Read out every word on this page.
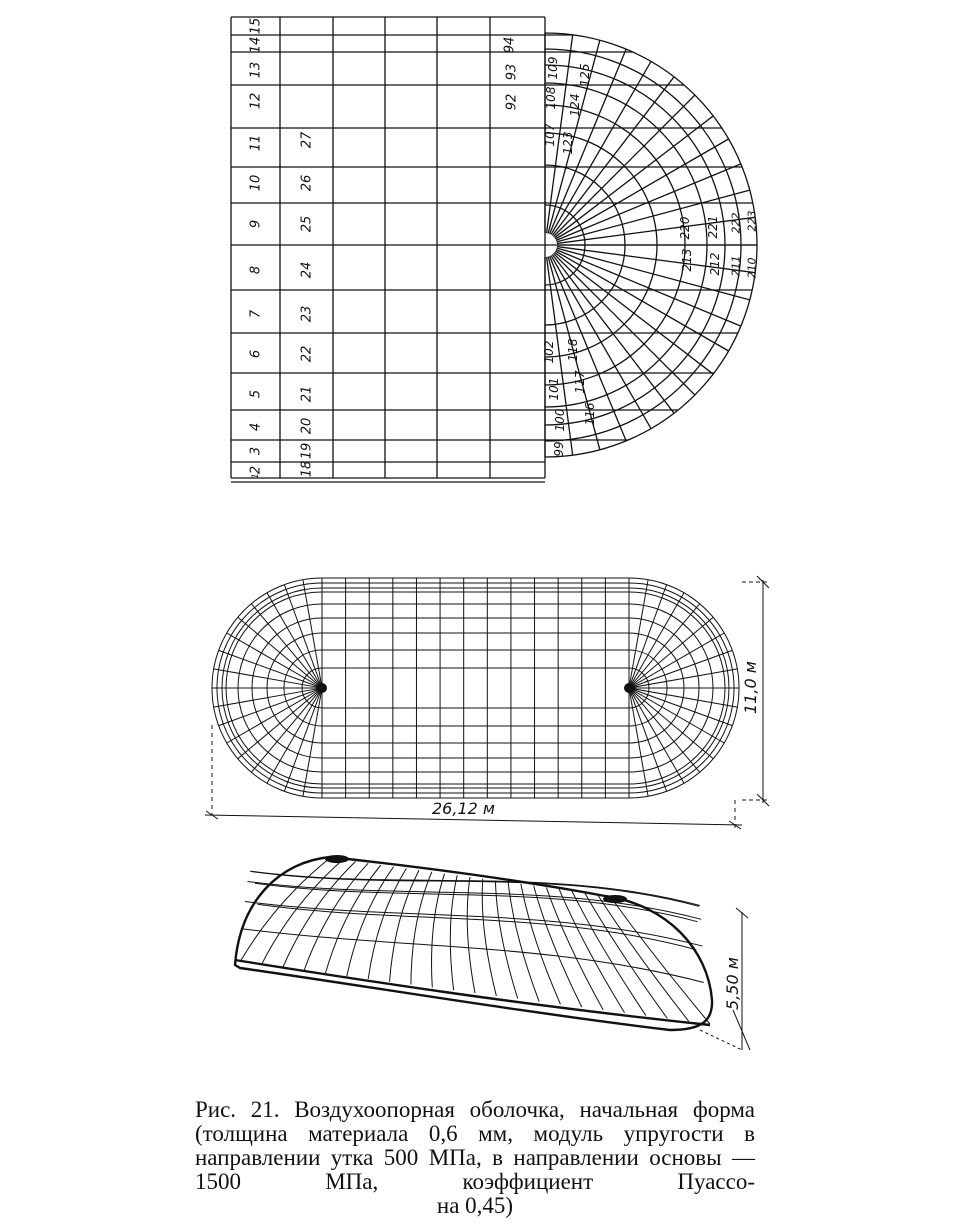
2
3
4
5
6
7
8
9
10
11
12
13
14
15
1	18
19
20
21
22
23
24
25
26
27
92
93
94
107
108
109
123
124
125
99
100
101
102
116
117
118
210
211
212
213
220 221 222 223
26,12 м
11,0 м
5,50 м
Рис. 21. Воздухоопорная оболочка, начальная форма (толщина материала 0,6 мм, модуль упругости в направлении утка 500 МПа, в направлении основы — 1500 МПа, коэффициент Пуассо-
на 0,45)
